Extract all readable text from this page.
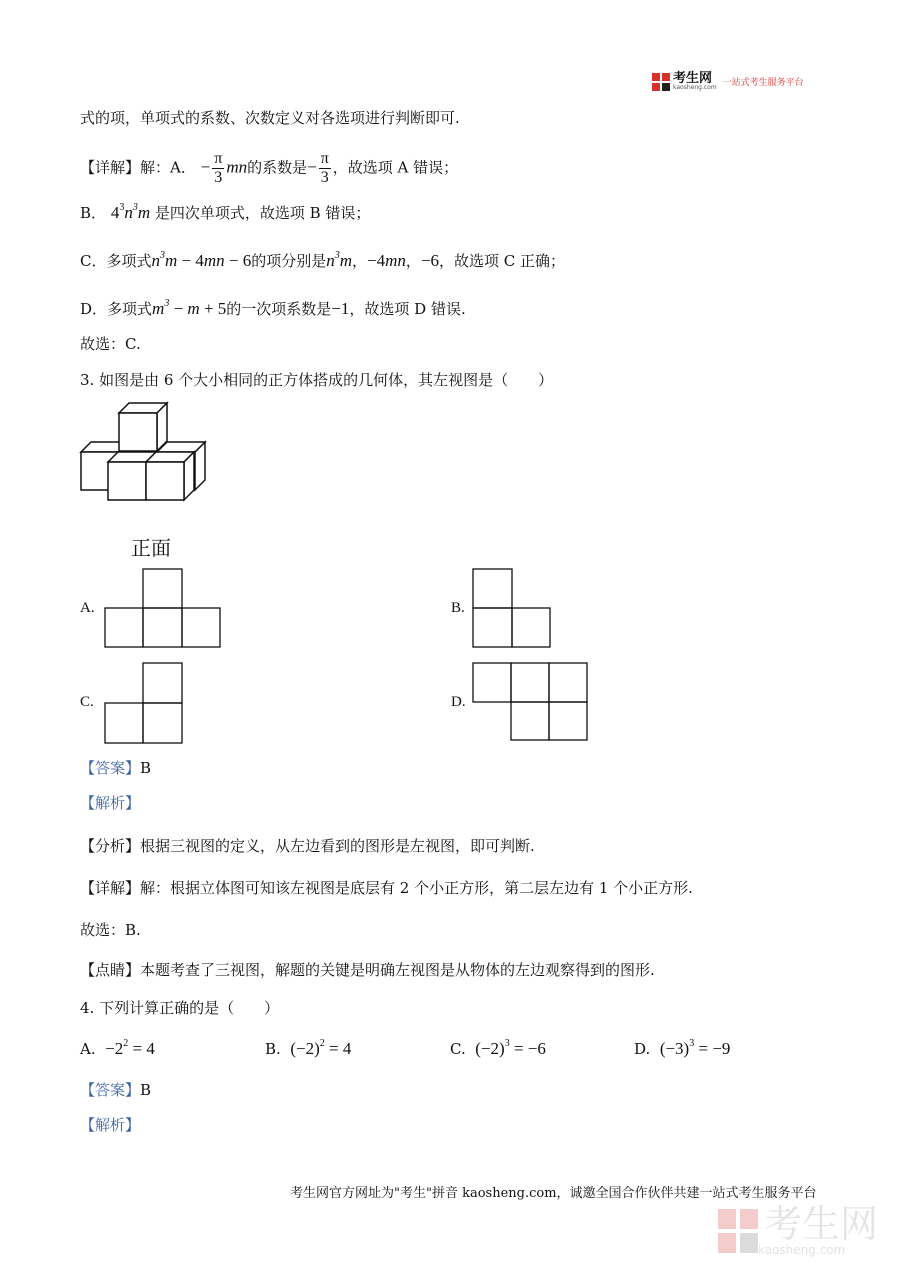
考生网
kaosheng.com 一站式考生服务平台
式的项，单项式的系数、次数定义对各选项进行判断即可.
【详解】解：A． − $\frac{\pi}{3}$ mn的系数是− $\frac{\pi}{3}$ ，故选项 A 错误；
B． $4^3n^3m$ 是四次单项式，故选项 B 错误；
C．多项式$n^3m - 4mn - 6$的项分别是$n^3m$，−4mn，−6，故选项 C 正确；
D．多项式$m^3 - m + 5$的一次项系数是−1，故选项 D 错误.
故选：C.
3. 如图是由 6 个大小相同的正方体搭成的几何体，其左视图是（　　）
正面
A.	B.
C.	D.
【答案】B
【解析】
【分析】根据三视图的定义，从左边看到的图形是左视图，即可判断.
【详解】解：根据立体图可知该左视图是底层有 2 个小正方形，第二层左边有 1 个小正方形.
故选：B.
【点睛】本题考查了三视图，解题的关键是明确左视图是从物体的左边观察得到的图形.
4. 下列计算正确的是（　　）
A. $-2^2 = 4$	B. $(-2)^2 = 4$	C. $(-2)^3 = -6$	D. $(-3)^3 = -9$
【答案】B
【解析】
考生网官方网址为"考生"拼音 kaosheng.com，诚邀全国合作伙伴共建一站式考生服务平台
考生网
kaosheng.com
